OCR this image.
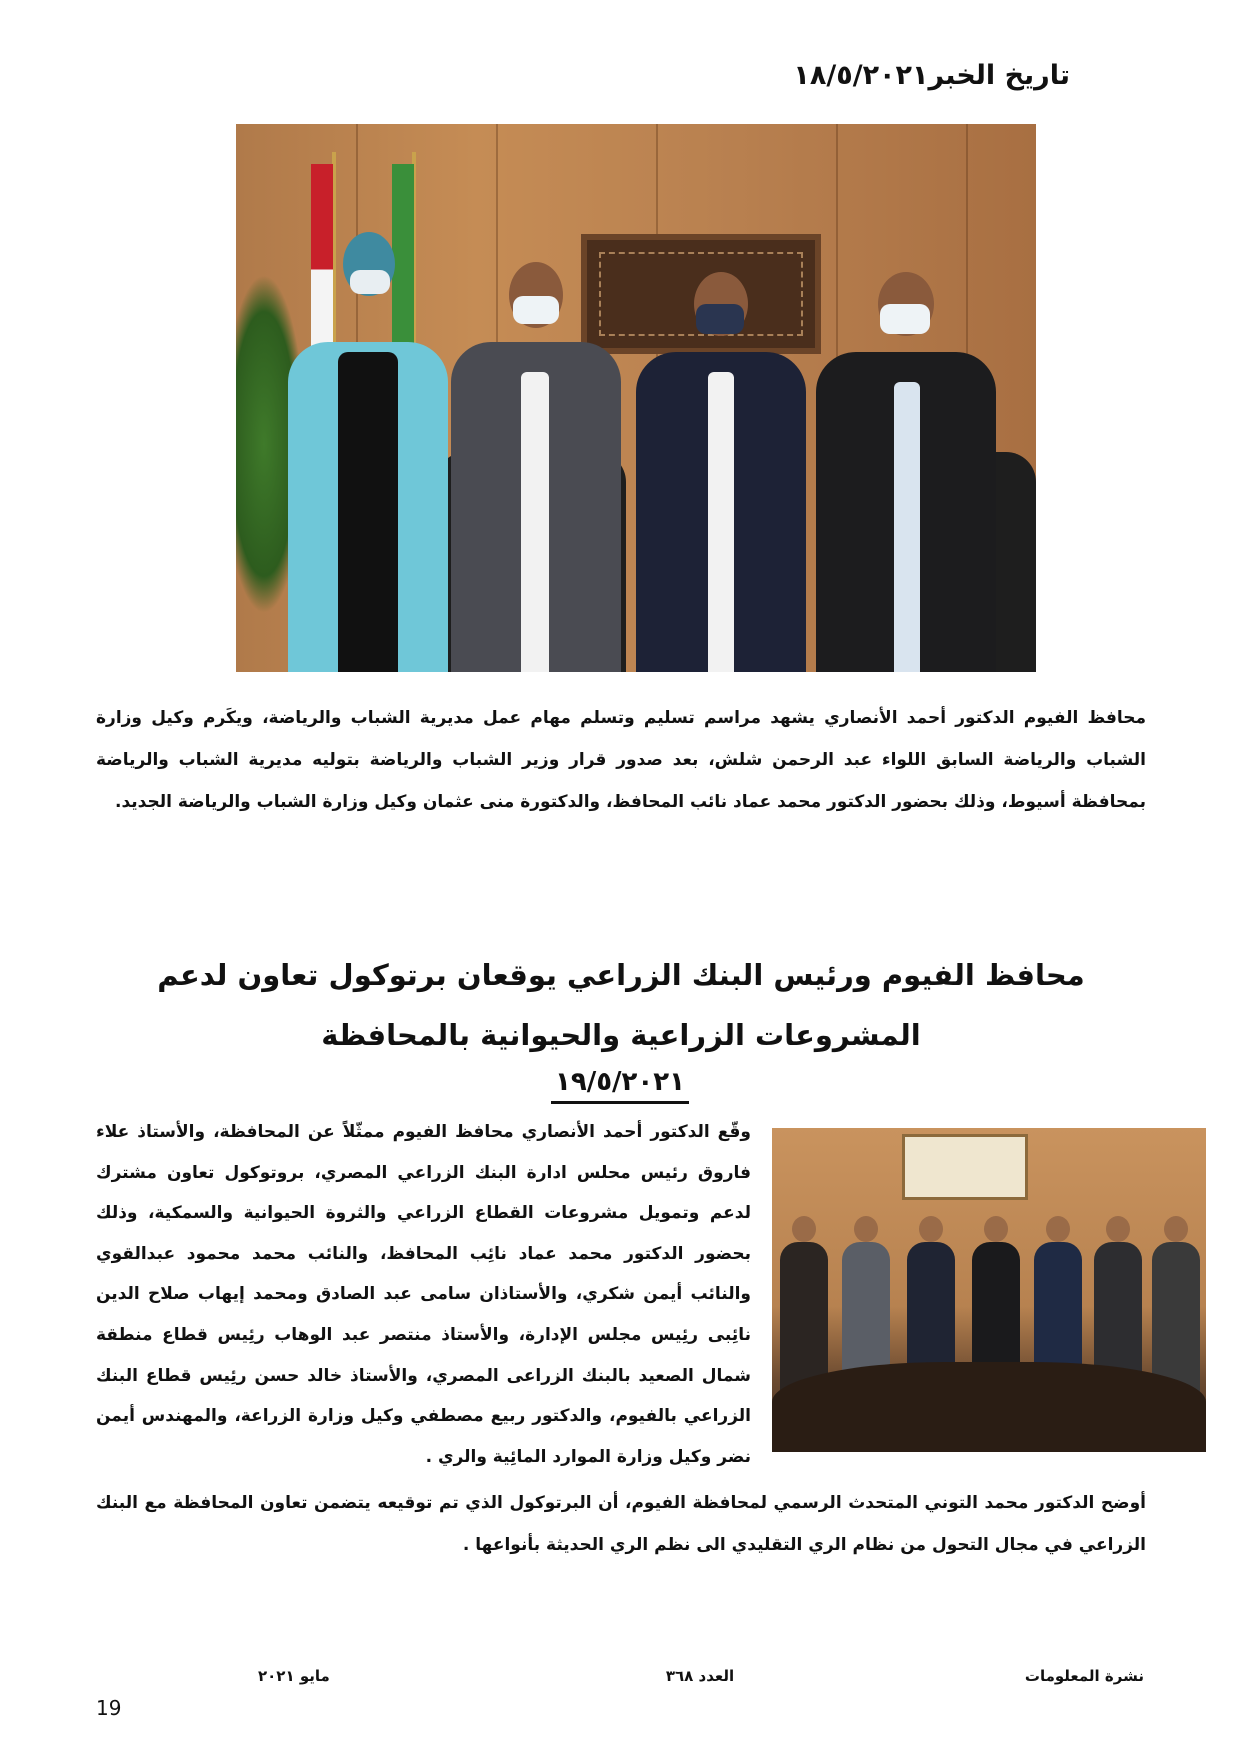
تاريخ الخبر١٨/٥/٢٠٢١
محافظ الفيوم الدكتور أحمد الأنصاري يشهد مراسم تسليم وتسلم مهام عمل مديرية الشباب والرياضة، ويكَرم وكيل وزارة الشباب والرياضة السابق اللواء عبد الرحمن شلش، بعد صدور قرار وزير الشباب والرياضة بتوليه مديرية الشباب والرياضة بمحافظة أسيوط، وذلك بحضور الدكتور محمد عماد نائب المحافظ، والدكتورة منى عثمان وكيل وزارة الشباب والرياضة الجديد.
محافظ الفيوم ورئيس البنك الزراعي يوقعان برتوكول تعاون لدعم المشروعات الزراعية والحيوانية بالمحافظة
١٩/٥/٢٠٢١
وقّع الدكتور أحمد الأنصاري محافظ الفيوم ممثّلاً عن المحافظة، والأستاذ علاء فاروق رئيس محلس ادارة البنك الزراعي المصري، بروتوكول تعاون مشترك لدعم وتمويل مشروعات القطاع الزراعي والثروة الحيوانية والسمكية، وذلك بحضور الدكتور محمد عماد نائِب المحافظ، والنائب محمد محمود عبدالقوي والنائب أيمن شكري، والأستاذان سامى عبد الصادق ومحمد إيهاب صلاح الدين نائِبى رئِيس مجلس الإدارة، والأستاذ منتصر عبد الوهاب رئِيس قطاع منطقة شمال الصعيد بالبنك الزراعى المصري، والأستاذ خالد حسن رئِيس قطاع البنك الزراعي بالفيوم، والدكتور ربيع مصطفي وكيل وزارة الزراعة، والمهندس أيمن نضر وكيل وزارة الموارد المائِية والري .
أوضح الدكتور محمد التوني المتحدث الرسمي لمحافظة الفيوم، أن البرتوكول الذي تم توقيعه يتضمن تعاون المحافظة مع البنك الزراعي في مجال التحول من نظام الري التقليدي الى نظم الري الحديثة بأنواعها .
نشرة المعلومات
العدد ٣٦٨
مايو ٢٠٢١
19
